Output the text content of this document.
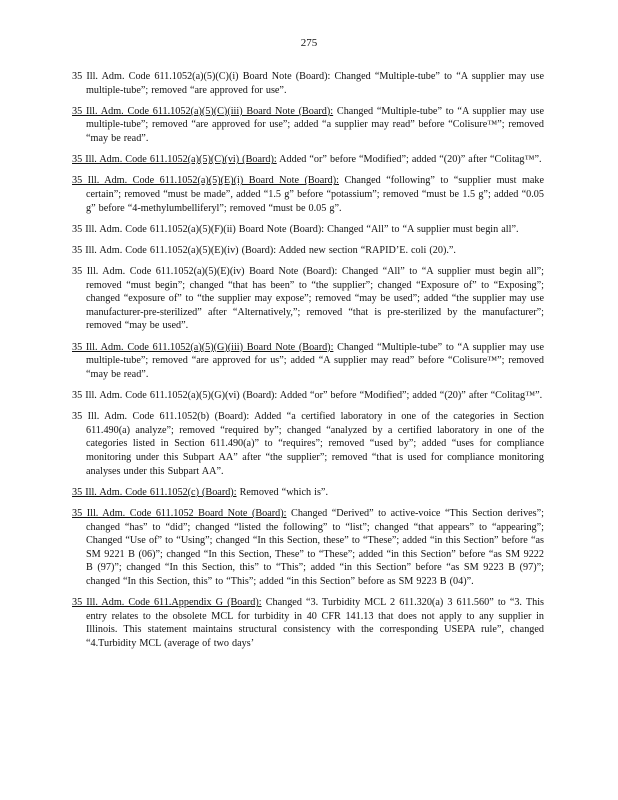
275

35 Ill. Adm. Code 611.1052(a)(5)(C)(i) Board Note (Board): Changed “Multiple-tube” to “A supplier may use multiple-tube”; removed “are approved for use”.

35 Ill. Adm. Code 611.1052(a)(5)(C)(iii) Board Note (Board): Changed “Multiple-tube” to “A supplier may use multiple-tube”; removed “are approved for use”; added “a supplier may read” before “Colisure™”; removed “may be read”.

35 Ill. Adm. Code 611.1052(a)(5)(C)(vi) (Board): Added “or” before “Modified”; added “(20)” after “Colitag™”.

35 Ill. Adm. Code 611.1052(a)(5)(E)(i) Board Note (Board): Changed “following” to “supplier must make certain”; removed “must be made”, added “1.5 g” before “potassium”; removed “must be 1.5 g”; added “0.05 g” before “4-methylumbelliferyl”; removed “must be 0.05 g”.

35 Ill. Adm. Code 611.1052(a)(5)(F)(ii) Board Note (Board): Changed “All” to “A supplier must begin all”.

35 Ill. Adm. Code 611.1052(a)(5)(E)(iv) (Board): Added new section “RAPID’E. coli (20).”.

35 Ill. Adm. Code 611.1052(a)(5)(E)(iv) Board Note (Board): Changed “All” to “A supplier must begin all”; removed “must begin”; changed “that has been” to “the supplier”; changed “Exposure of” to “Exposing”; changed “exposure of” to “the supplier may expose”; removed “may be used”; added “the supplier may use manufacturer-pre-sterilized” after “Alternatively,”; removed “that is pre-sterilized by the manufacturer”; removed “may be used”.

35 Ill. Adm. Code 611.1052(a)(5)(G)(iii) Board Note (Board): Changed “Multiple-tube” to “A supplier may use multiple-tube”; removed “are approved for us”; added “A supplier may read” before “Colisure™”; removed “may be read”.

35 Ill. Adm. Code 611.1052(a)(5)(G)(vi) (Board): Added “or” before “Modified”; added “(20)” after “Colitag™”.

35 Ill. Adm. Code 611.1052(b) (Board): Added “a certified laboratory in one of the categories in Section 611.490(a) analyze”; removed “required by”; changed “analyzed by a certified laboratory in one of the categories listed in Section 611.490(a)” to “requires”; removed “used by”; added “uses for compliance monitoring under this Subpart AA” after “the supplier”; removed “that is used for compliance monitoring analyses under this Subpart AA”.

35 Ill. Adm. Code 611.1052(c) (Board): Removed “which is”.

35 Ill. Adm. Code 611.1052 Board Note (Board): Changed “Derived” to active-voice “This Section derives”; changed “has” to “did”; changed “listed the following” to “list”; changed “that appears” to “appearing”; Changed “Use of” to “Using”; changed “In this Section, these” to “These”; added “in this Section” before “as SM 9221 B (06)”; changed “In this Section, These” to “These”; added “in this Section” before “as SM 9222 B (97)”; changed “In this Section, this” to “This”; added “in this Section” before “as SM 9223 B (97)”; changed “In this Section, this” to “This”; added “in this Section” before as SM 9223 B (04)”.

35 Ill. Adm. Code 611.Appendix G (Board): Changed “3. Turbidity MCL 2 611.320(a) 3 611.560” to “3. This entry relates to the obsolete MCL for turbidity in 40 CFR 141.13 that does not apply to any supplier in Illinois. This statement maintains structural consistency with the corresponding USEPA rule”, changed “4.Turbidity MCL (average of two days’
